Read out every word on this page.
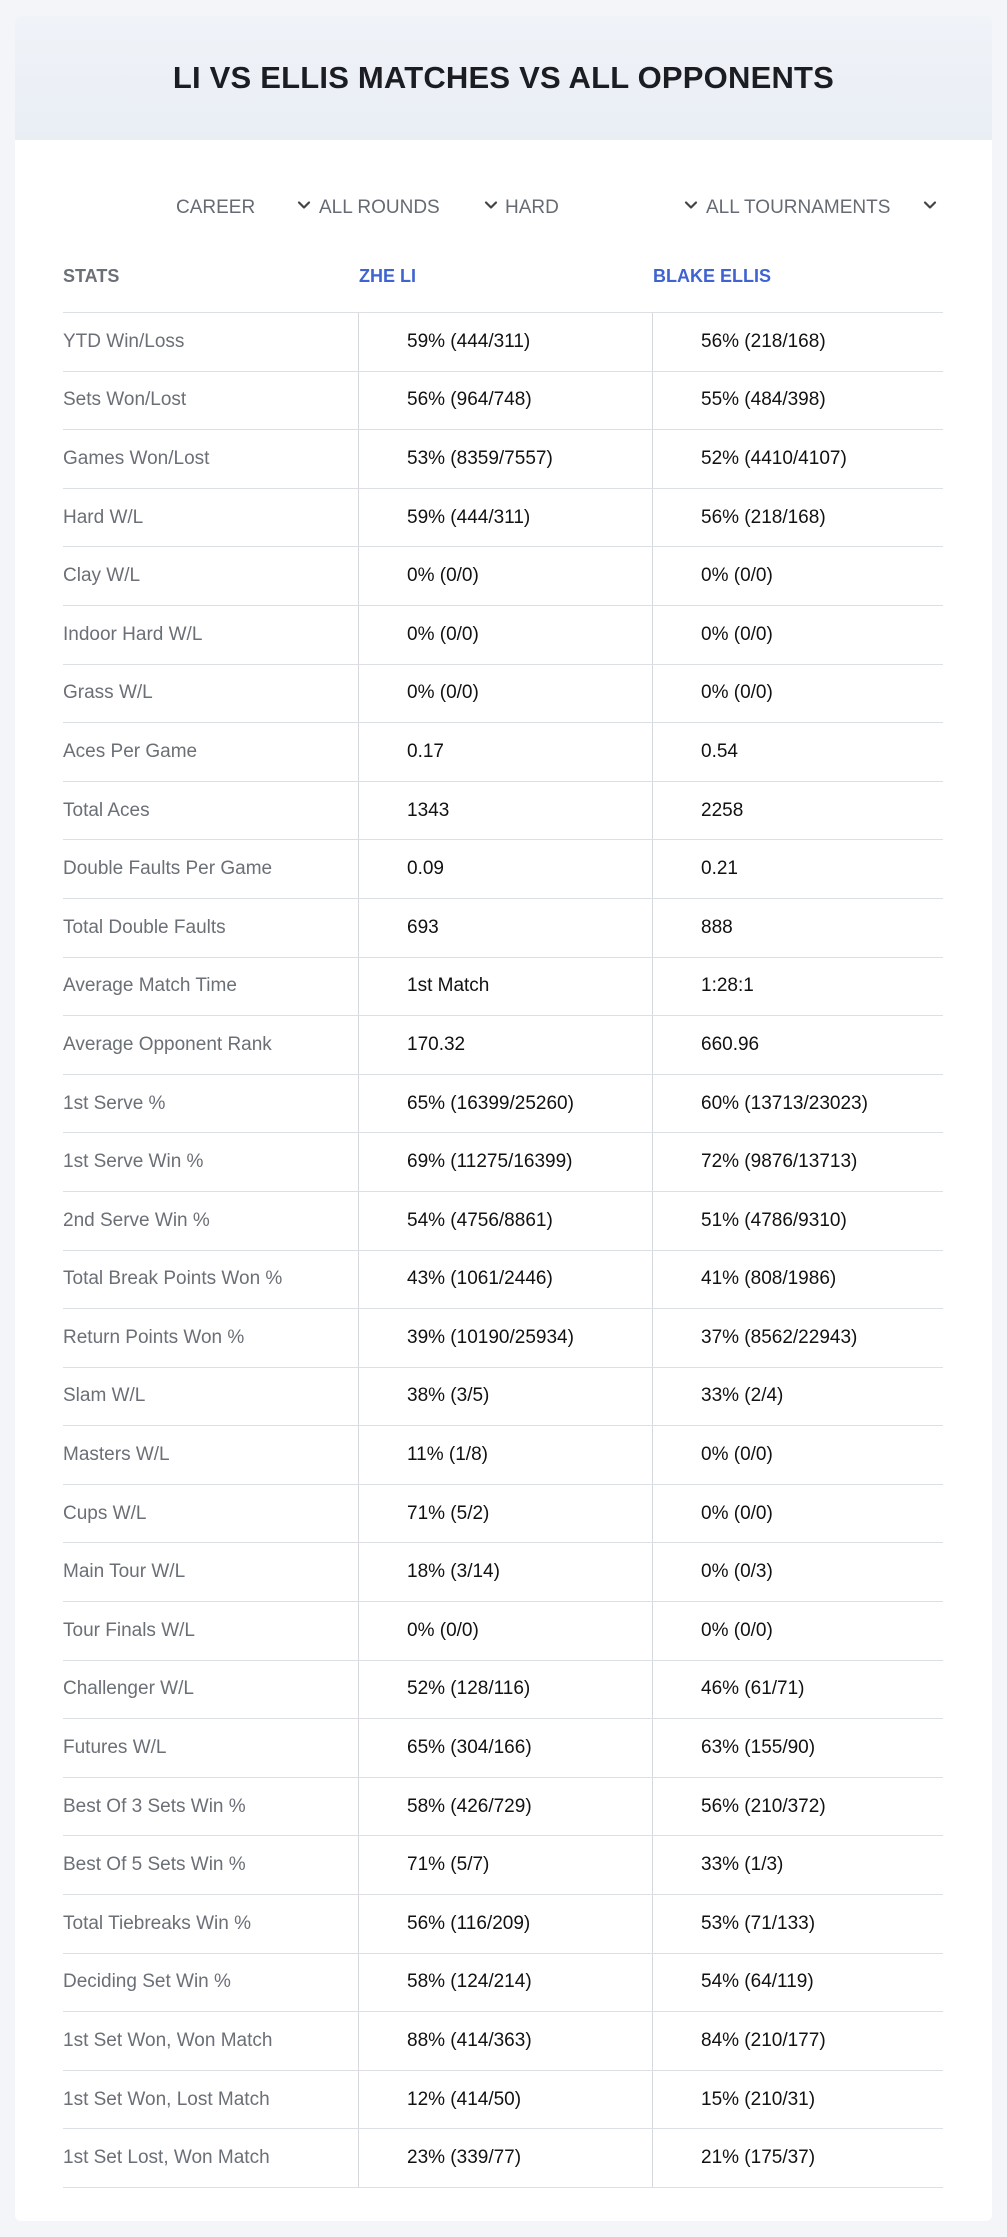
LI VS ELLIS MATCHES VS ALL OPPONENTS
CAREER	ALL ROUNDS	HARD	ALL TOURNAMENTS
STATS	ZHE LI	BLAKE ELLIS
YTD Win/Loss	59% (444/311)	56% (218/168)
Sets Won/Lost	56% (964/748)	55% (484/398)
Games Won/Lost	53% (8359/7557)	52% (4410/4107)
Hard W/L	59% (444/311)	56% (218/168)
Clay W/L	0% (0/0)	0% (0/0)
Indoor Hard W/L	0% (0/0)	0% (0/0)
Grass W/L	0% (0/0)	0% (0/0)
Aces Per Game	0.17	0.54
Total Aces	1343	2258
Double Faults Per Game	0.09	0.21
Total Double Faults	693	888
Average Match Time	1st Match	1:28:1
Average Opponent Rank	170.32	660.96
1st Serve %	65% (16399/25260)	60% (13713/23023)
1st Serve Win %	69% (11275/16399)	72% (9876/13713)
2nd Serve Win %	54% (4756/8861)	51% (4786/9310)
Total Break Points Won %	43% (1061/2446)	41% (808/1986)
Return Points Won %	39% (10190/25934)	37% (8562/22943)
Slam W/L	38% (3/5)	33% (2/4)
Masters W/L	11% (1/8)	0% (0/0)
Cups W/L	71% (5/2)	0% (0/0)
Main Tour W/L	18% (3/14)	0% (0/3)
Tour Finals W/L	0% (0/0)	0% (0/0)
Challenger W/L	52% (128/116)	46% (61/71)
Futures W/L	65% (304/166)	63% (155/90)
Best Of 3 Sets Win %	58% (426/729)	56% (210/372)
Best Of 5 Sets Win %	71% (5/7)	33% (1/3)
Total Tiebreaks Win %	56% (116/209)	53% (71/133)
Deciding Set Win %	58% (124/214)	54% (64/119)
1st Set Won, Won Match	88% (414/363)	84% (210/177)
1st Set Won, Lost Match	12% (414/50)	15% (210/31)
1st Set Lost, Won Match	23% (339/77)	21% (175/37)
